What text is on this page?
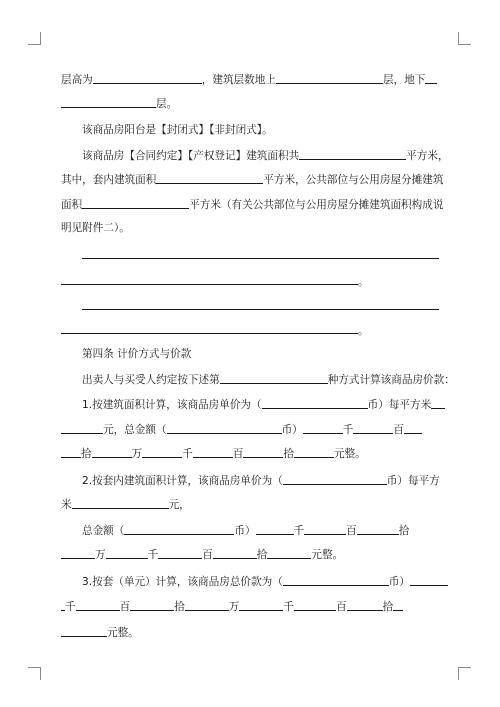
层高为	，建筑层数地上	层，地下
层。
该商品房阳台是【封闭式】【非封闭式】。
该商品房【合同约定】【产权登记】建筑面积共	平方米，
其中，套内建筑面积	平方米，公共部位与公用房屋分摊建筑
面积	平方米（有关公共部位与公用房屋分摊建筑面积构成说
明见附件二）。
。
。
第四条 计价方式与价款
出卖人与买受人约定按下述第	种方式计算该商品房价款：
1.按建筑面积计算，该商品房单价为（	币）每平方米
元，总金额（	币）	千	百
拾	万	千	百	拾	元整。
2.按套内建筑面积计算，该商品房单价为（	币）每平方
米	元，
总金额（	币）	千	百	拾
万	千	百	拾	元整。
3.按套（单元）计算，该商品房总价款为（	币）
千	百	拾	万	千	百	拾
元整。
